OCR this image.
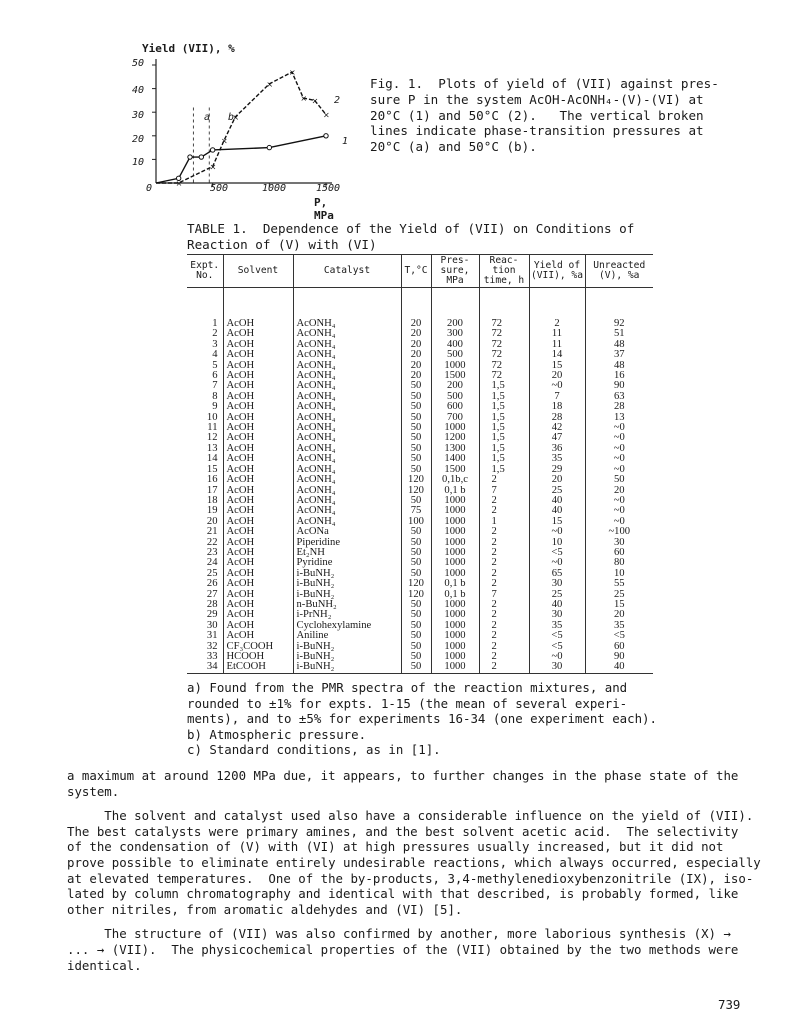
×
×
×
×
×
×
× ×
×
Yield (VII), %
50
40
30
20
10
0	500	1000	1500
P, MPa
a b
1
2
Fig. 1.  Plots of yield of (VII) against pres-
sure P in the system AcOH-AcONH₄-(V)-(VI) at
20°C (1) and 50°C (2).   The vertical broken
lines indicate phase-transition pressures at
20°C (a) and 50°C (b).
TABLE 1.  Dependence of the Yield of (VII) on Conditions of
Reaction of (V) with (VI)
Expt. No.	Solvent	Catalyst	T,°C	Pres- sure, MPa	Reac- tion time, h	Yield of (VII), %a	Unreacted (V), %a
1	AcOH	AcONH₄	20	200	72	2	92
2	AcOH	AcONH₄	20	300	72	11	51
3	AcOH	AcONH₄	20	400	72	11	48
4	AcOH	AcONH₄	20	500	72	14	37
5	AcOH	AcONH₄	20	1000	72	15	48
6	AcOH	AcONH₄	20	1500	72	20	16
7	AcOH	AcONH₄	50	200	1,5	~0	90
8	AcOH	AcONH₄	50	500	1,5	7	63
9	AcOH	AcONH₄	50	600	1,5	18	28
10	AcOH	AcONH₄	50	700	1,5	28	13
11	AcOH	AcONH₄	50	1000	1,5	42	~0
12	AcOH	AcONH₄	50	1200	1,5	47	~0
13	AcOH	AcONH₄	50	1300	1,5	36	~0
14	AcOH	AcONH₄	50	1400	1,5	35	~0
15	AcOH	AcONH₄	50	1500	1,5	29	~0
16	AcOH	AcONH₄	120	0,1b,c	2	20	50
17	AcOH	AcONH₄	120	0,1 b	7	25	20
18	AcOH	AcONH₄	50	1000	2	40	~0
19	AcOH	AcONH₄	75	1000	2	40	~0
20	AcOH	AcONH₄	100	1000	1	15	~0
21	AcOH	AcONa	50	1000	2	~0	~100
22	AcOH	Piperidine	50	1000	2	10	30
23	AcOH	Et₂NH	50	1000	2	<5	60
24	AcOH	Pyridine	50	1000	2	~0	80
25	AcOH	i-BuNH₂	50	1000	2	65	10
26	AcOH	i-BuNH₂	120	0,1 b	2	30	55
27	AcOH	i-BuNH₂	120	0,1 b	7	25	25
28	AcOH	n-BuNH₂	50	1000	2	40	15
29	AcOH	i-PrNH₂	50	1000	2	30	20
30	AcOH	Cyclohexylamine	50	1000	2	35	35
31	AcOH	Aniline	50	1000	2	<5	<5
32	CF₃COOH	i-BuNH₂	50	1000	2	<5	60
33	HCOOH	i-BuNH₂	50	1000	2	~0	90
34	EtCOOH	i-BuNH₂	50	1000	2	30	40
a) Found from the PMR spectra of the reaction mixtures, and
rounded to ±1% for expts. 1-15 (the mean of several experi-
ments), and to ±5% for experiments 16-34 (one experiment each).
b) Atmospheric pressure.
c) Standard conditions, as in [1].

a maximum at around 1200 MPa due, it appears, to further changes in the phase state of the
system.

The solvent and catalyst used also have a considerable influence on the yield of (VII).
The best catalysts were primary amines, and the best solvent acetic acid.  The selectivity
of the condensation of (V) with (VI) at high pressures usually increased, but it did not
prove possible to eliminate entirely undesirable reactions, which always occurred, especially
at elevated temperatures.  One of the by-products, 3,4-methylenedioxybenzonitrile (IX), iso-
lated by column chromatography and identical with that described, is probably formed, like
other nitriles, from aromatic aldehydes and (VI) [5].

The structure of (VII) was also confirmed by another, more laborious synthesis (X) →
... → (VII).  The physicochemical properties of the (VII) obtained by the two methods were
identical.

739
